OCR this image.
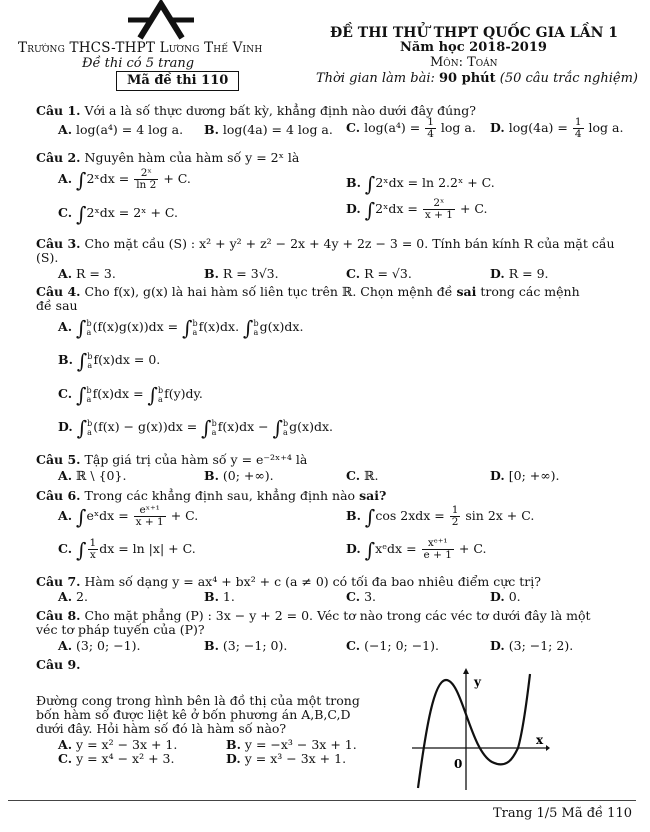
Trường THCS-THPT Lương Thế Vinh
Đề thi có 5 trang
Mã đề thi 110
ĐỀ THI THỬ THPT QUỐC GIA LẦN 1
Năm học 2018-2019
Môn: Toán
Thời gian làm bài: 90 phút (50 câu trắc nghiệm)
Câu 1. Với a là số thực dương bất kỳ, khẳng định nào dưới đây đúng?
A. log(a⁴) = 4 log a. B. log(4a) = 4 log a. C. $\log(a^4) = \frac{1}{4}$ log a. D. $\log(4a) = \frac{1}{4}$ log a.
Câu 2. Nguyên hàm của hàm số y = 2ˣ là
A. ∫2ˣdx = $\frac{\text{2ˣ}}{\ln 2} + C$.	B. ∫2ˣdx = ln 2.2ˣ + C.
C. ∫2ˣdx = 2ˣ + C.	D. ∫2ˣdx = $\frac{\text{2ˣ}}{x + 1} + C$.
Câu 3. Cho mặt cầu (S) : x² + y² + z² − 2x + 4y + 2z − 3 = 0. Tính bán kính R của mặt cầu
(S).
A. R = 3.	B. R = 3√3.	C. R = √3.	D. R = 9.
Câu 4. Cho f(x), g(x) là hai hàm số liên tục trên ℝ. Chọn mệnh đề sai trong các mệnh
đề sau
A. ∫ b
a (f(x)g(x))dx = ∫ b
a f(x)dx. ∫ b
a g(x)dx.
B. ∫ b
a f(x)dx = 0.
C. ∫ b
a f(x)dx = ∫ b
a f(y)dy.
D. ∫ b
a (f(x) − g(x))dx = ∫ b
a f(x)dx − ∫ b
a g(x)dx.
Câu 5. Tập giá trị của hàm số y = e⁻²ˣ⁺⁴ là
A. ℝ \ {0}.	B. (0; +∞).	C. ℝ.	D. [0; +∞).
Câu 6. Trong các khẳng định sau, khẳng định nào sai?
A. ∫eˣdx = $\frac{\text{eˣ⁺¹}}{x + 1} + C$.	B. ∫cos $2xdx = \frac{1}{2}$ sin 2x + C.
C. ∫ $\frac{1}{x}$ dx = ln |x| + C.	D. ∫xᵉdx = $\frac{\text{xᵉ⁺¹}}{e + 1} + C$.
Câu 7. Hàm số dạng y = ax⁴ + bx² + c (a ≠ 0) có tối đa bao nhiêu điểm cực trị?
A. 2.	B. 1.	C. 3.	D. 0.
Câu 8. Cho mặt phẳng (P) : 3x − y + 2 = 0. Véc tơ nào trong các véc tơ dưới đây là một
véc tơ pháp tuyến của (P)?
A. (3; 0; −1).	B. (3; −1; 0).	C. (−1; 0; −1).	D. (3; −1; 2).
Câu 9.
Đường cong trong hình bên là đồ thị của một trong
bốn hàm số được liệt kê ở bốn phương án A,B,C,D
dưới đây. Hỏi hàm số đó là hàm số nào?
A. y = x² − 3x + 1.	B. y = −x³ − 3x + 1.
C. y = x⁴ − x² + 3.	D. y = x³ − 3x + 1.
y
x
0
Trang 1/5 Mã đề 110
